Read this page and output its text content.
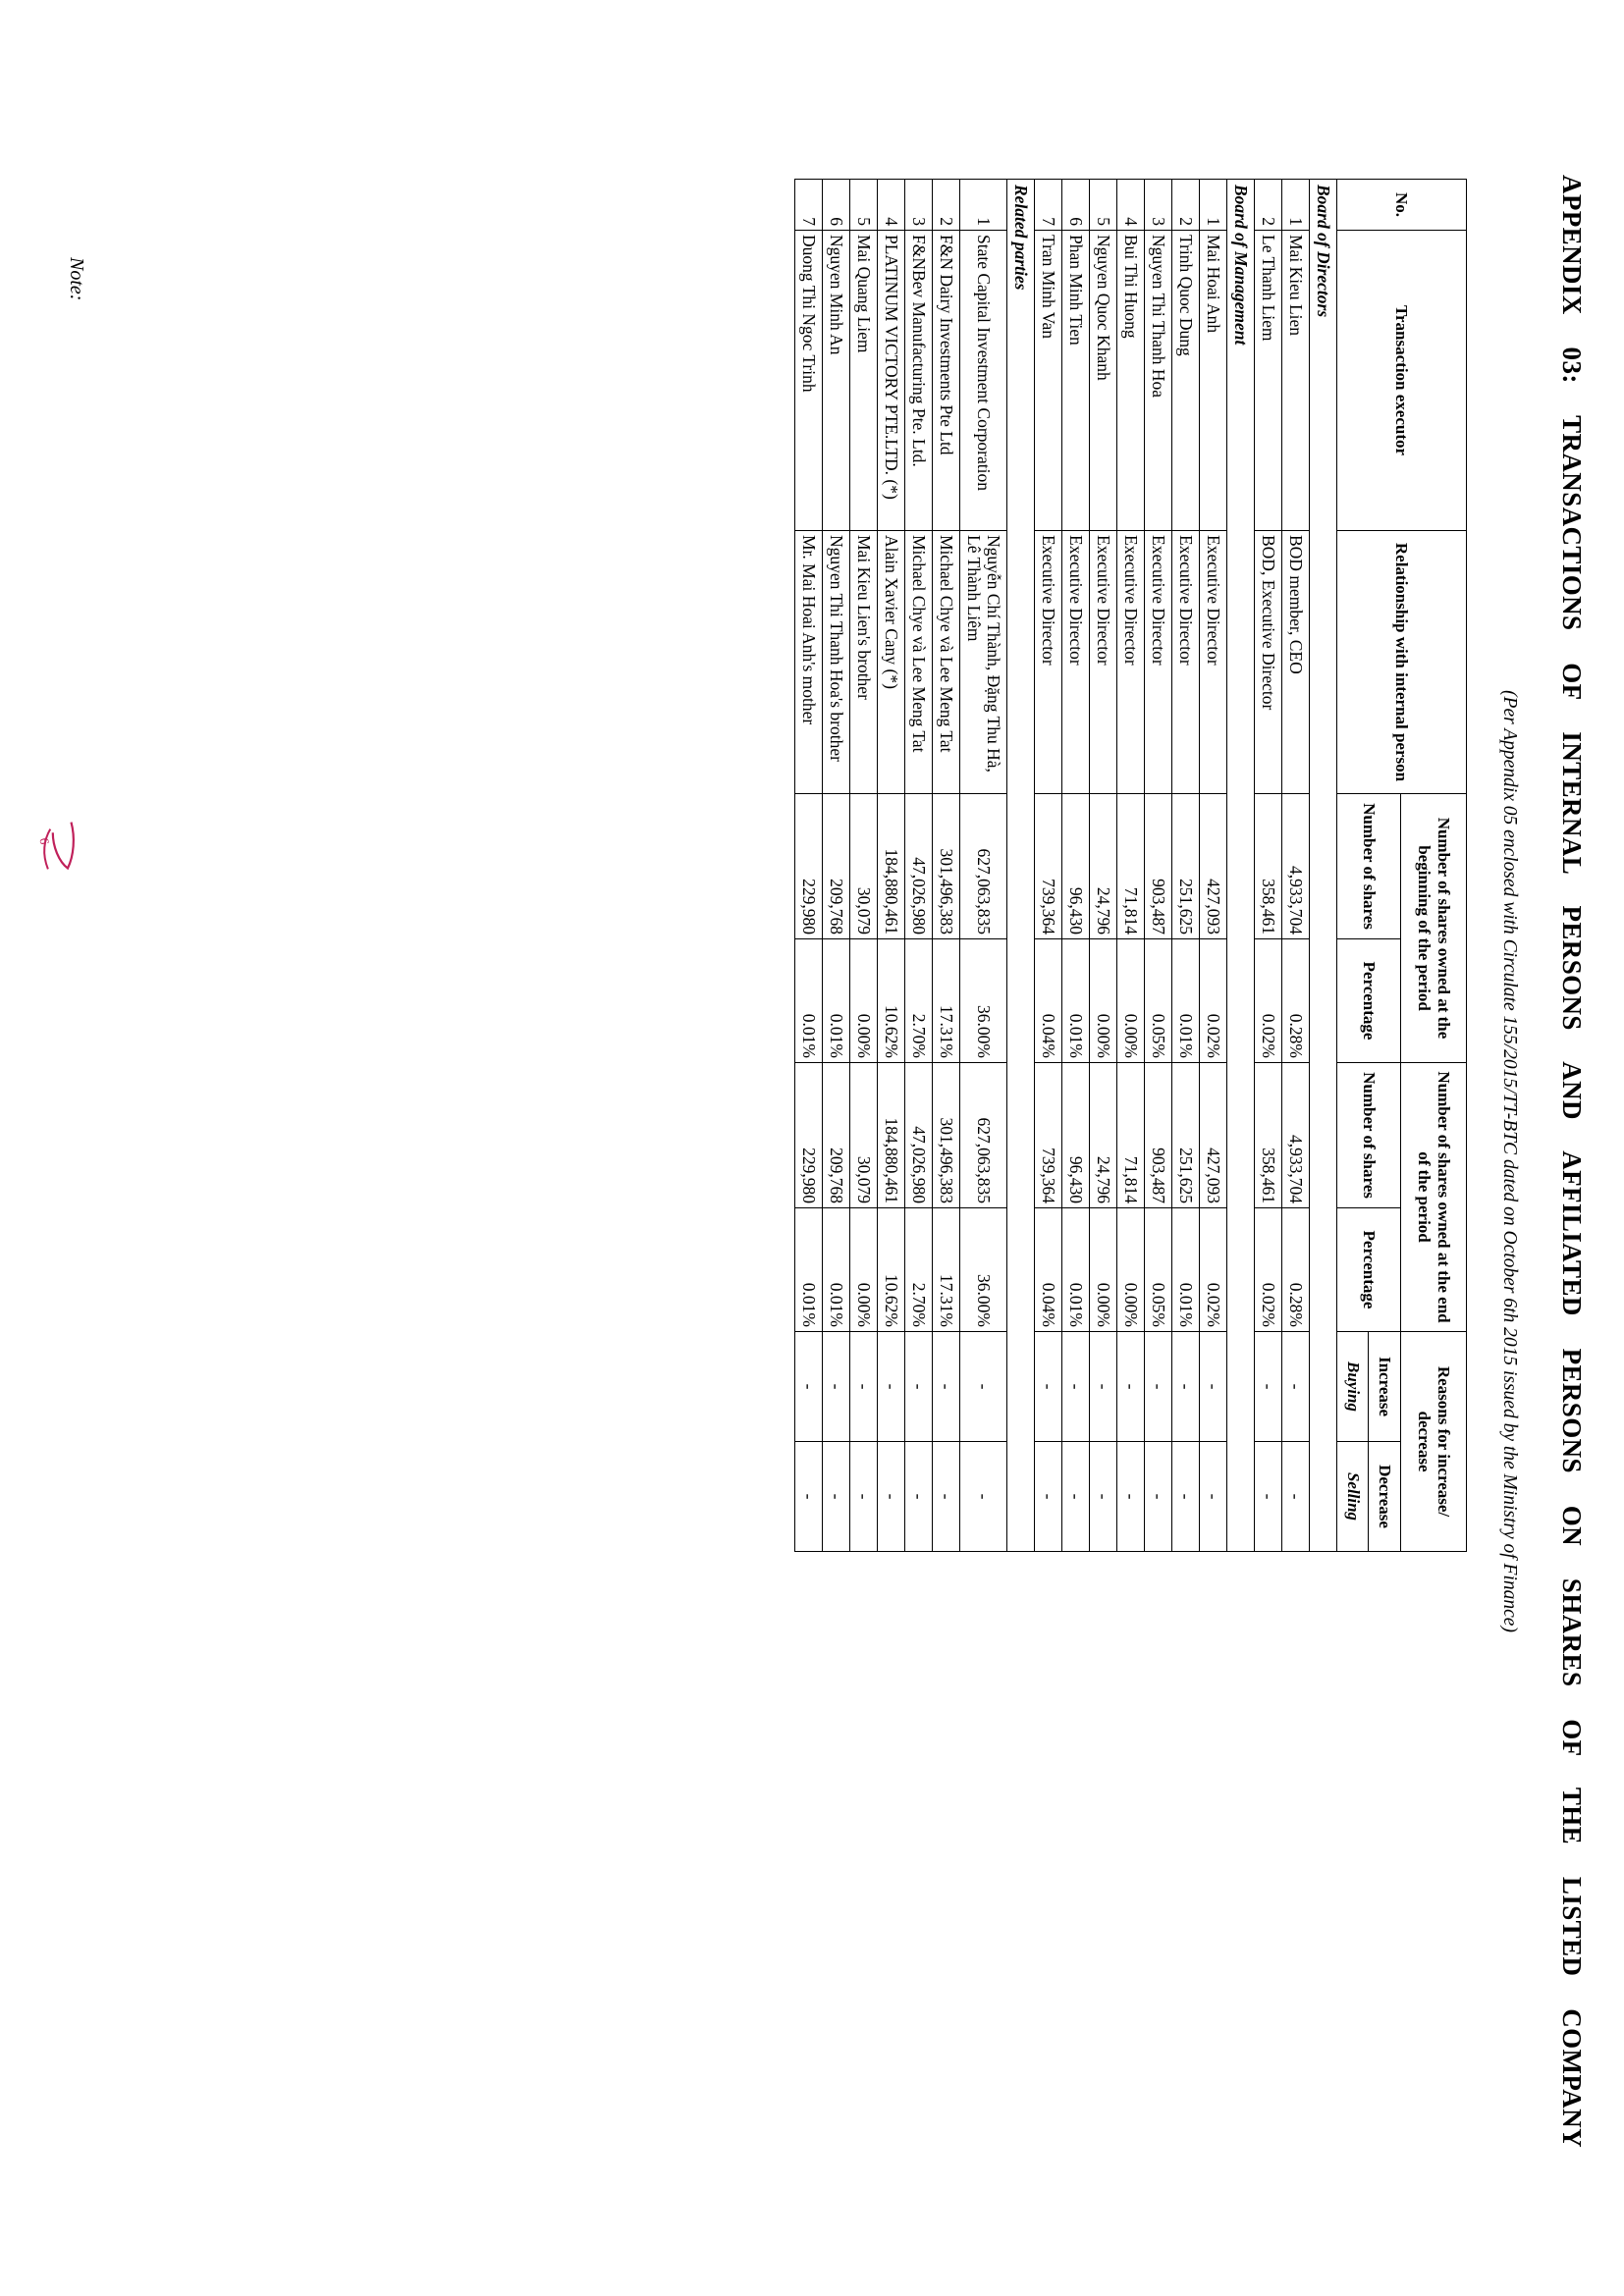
APPENDIX 03: TRANSACTIONS OF INTERNAL PERSONS AND AFFILIATED PERSONS ON SHARES OF THE LISTED COMPANY
(Per Appendix 05 enclosed with Circulate 155/2015/TT-BTC dated on October 6th 2015 issued by the Ministry of Finance)
No.	Transaction executor	Relationship with internal person	Number of shares owned at the beginning of the period		Number of shares owned at the end of the period		Reasons for increase/ decrease	
			Number of shares	Percentage	Number of shares	Percentage	Increase	Decrease
							Buying	Selling
Board of Directors								
1	Mai Kieu Lien	BOD member, CEO	4,933,704	0.28%	4,933,704	0.28%	-	-
2	Le Thanh Liem	BOD, Executive Director	358,461	0.02%	358,461	0.02%	-	-
Board of Management								
1	Mai Hoai Anh	Executive Director	427,093	0.02%	427,093	0.02%	-	-
2	Trinh Quoc Dung	Executive Director	251,625	0.01%	251,625	0.01%	-	-
3	Nguyen Thi Thanh Hoa	Executive Director	903,487	0.05%	903,487	0.05%	-	-
4	Bui Thi Huong	Executive Director	71,814	0.00%	71,814	0.00%	-	-
5	Nguyen Quoc Khanh	Executive Director	24,796	0.00%	24,796	0.00%	-	-
6	Phan Minh Tien	Executive Director	96,430	0.01%	96,430	0.01%	-	-
7	Tran Minh Van	Executive Director	739,364	0.04%	739,364	0.04%	-	-
Related parties								
1	State Capital Investment Corporation	Nguyễn Chí Thành, Đặng Thu Hà, Lê Thành Liêm	627,063,835	36.00%	627,063,835	36.00%	-	-
2	F&N Dairy Investments Pte Ltd	Michael Chye và Lee Meng Tat	301,496,383	17.31%	301,496,383	17.31%	-	-
3	F&NBev Manufacturing Pte. Ltd.	Michael Chye và Lee Meng Tat	47,026,980	2.70%	47,026,980	2.70%	-	-
4	PLATINUM VICTORY PTE.LTD. (*)	Alain Xavier Cany (*)	184,880,461	10.62%	184,880,461	10.62%	-	-
5	Mai Quang Liem	Mai Kieu Lien's brother	30,079	0.00%	30,079	0.00%	-	-
6	Nguyen Minh An	Nguyen Thi Thanh Hoa's brother	209,768	0.01%	209,768	0.01%	-	-
7	Duong Thi Ngoc Trinh	Mr. Mai Hoai Anh's mother	229,980	0.01%	229,980	0.01%	-	-
Note:
6
